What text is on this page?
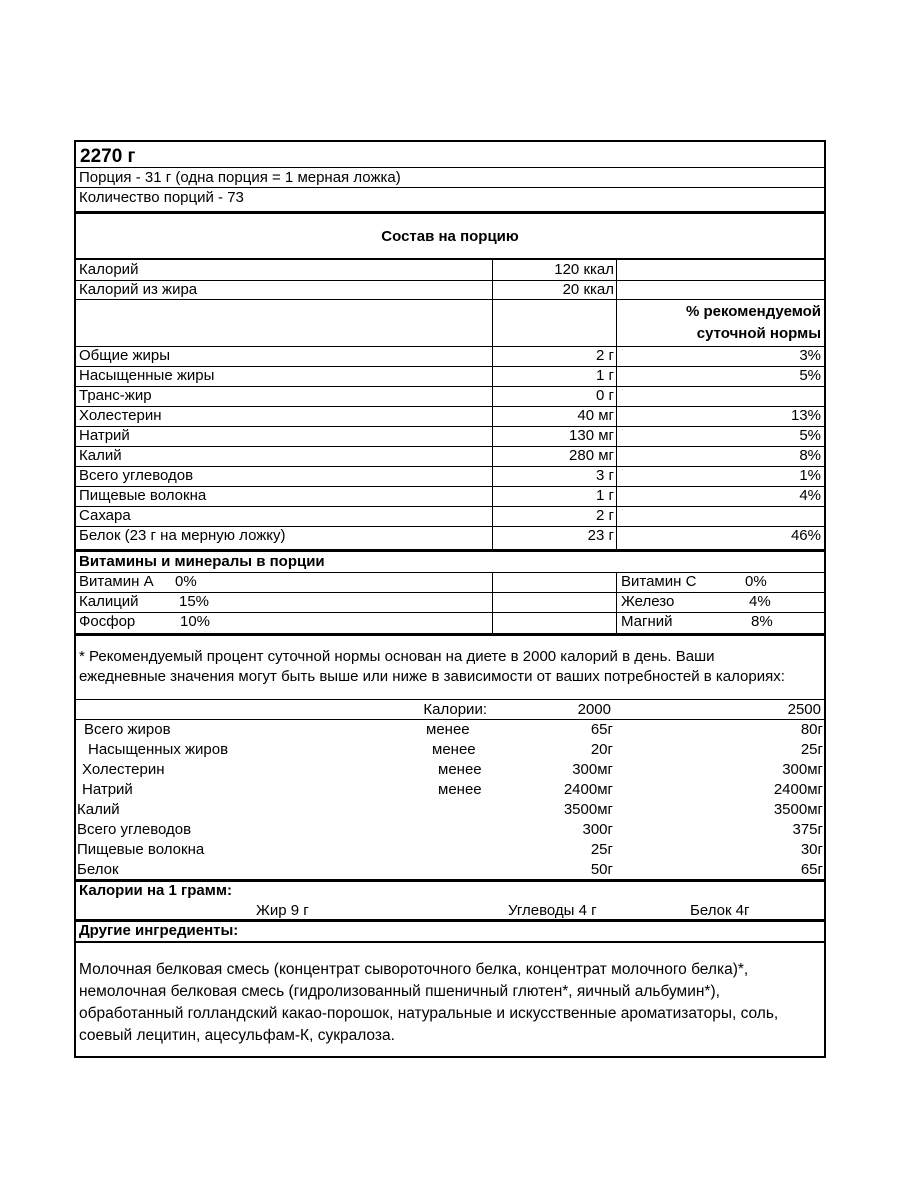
2270 г
Порция - 31 г (одна порция = 1 мерная ложка)
Количество порций - 73
Состав на порцию
Калорий	120 ккал
Калорий из жира	20 ккал
% рекомендуемой
суточной нормы
Общие жиры	2 г	3%
Насыщенные жиры	1 г	5%
Транс-жир	0 г
Холестерин	40 мг	13%
Натрий	130 мг	5%
Калий	280 мг	8%
Всего углеводов	3 г	1%
Пищевые волокна	1 г	4%
Сахара	2 г
Белок (23 г на мерную ложку)	23 г	46%
Витамины и минералы в порции
Витамин А 0%	Витамин С	0%
Калиций	15%	Железо	4%
Фосфор	10%	Магний	8%
* Рекомендуемый процент суточной нормы основан на диете в 2000 калорий в день. Ваши
ежедневные значения могут быть выше или ниже в зависимости от ваших потребностей в калориях:
Калории:	2000	2500
Всего жиров	менее	65г	80г
Насыщенных жиров	менее	20г	25г
Холестерин	менее	300мг	300мг
Натрий	менее	2400мг	2400мг
Калий	3500мг	3500мг
Всего углеводов	300г	375г
Пищевые волокна	25г	30г
Белок	50г	65г
Калории на 1 грамм:
Жир 9 г	Углеводы 4 г	Белок 4г
Другие ингредиенты:
Молочная белковая смесь (концентрат сывороточного белка, концентрат молочного белка)*,
немолочная белковая смесь (гидролизованный пшеничный глютен*, яичный альбумин*),
обработанный голландский какао-порошок, натуральные и искусственные ароматизаторы, соль,
соевый лецитин, ацесульфам-К, сукралоза.
